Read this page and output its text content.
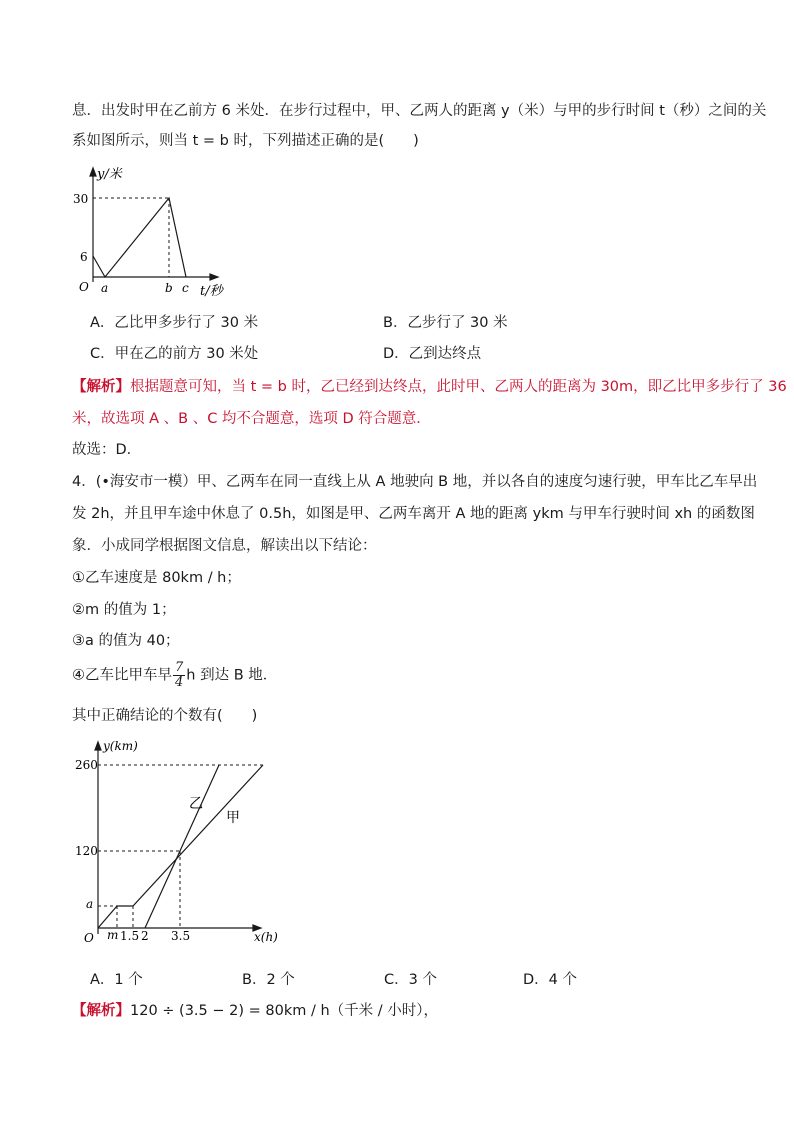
息．出发时甲在乙前方 6 米处．在步行过程中，甲、乙两人的距离 y（米）与甲的步行时间 t（秒）之间的关
系如图所示，则当 t = b 时，下列描述正确的是(　　)
y/米
30
6
O a	b c t/秒
A．乙比甲多步行了 30 米	B．乙步行了 30 米
C．甲在乙的前方 30 米处	D．乙到达终点
【解析】根据题意可知，当 t = b 时，乙已经到达终点，此时甲、乙两人的距离为 30m，即乙比甲多步行了 36
米，故选项 A 、B 、C 均不合题意，选项 D 符合题意．
故选：D．
4．(•海安市一模）甲、乙两车在同一直线上从 A 地驶向 B 地，并以各自的速度匀速行驶，甲车比乙车早出
发 2h，并且甲车途中休息了 0.5h，如图是甲、乙两车离开 A 地的距离 ykm 与甲车行驶时间 xh 的函数图
象．小成同学根据图文信息，解读出以下结论：
①乙车速度是 80km / h；
②m 的值为 1；
③a 的值为 40；
④乙车比甲车早 $\frac{7}{4}$ h 到达 B 地．
其中正确结论的个数有(　　)
y(km)
260
120
a
O m 1.5 2 3.5	x(h)
乙
甲
A．1 个	B．2 个	C．3 个	D．4 个
【解析】120 ÷ (3.5 − 2) = 80km / h（千米 / 小时），
